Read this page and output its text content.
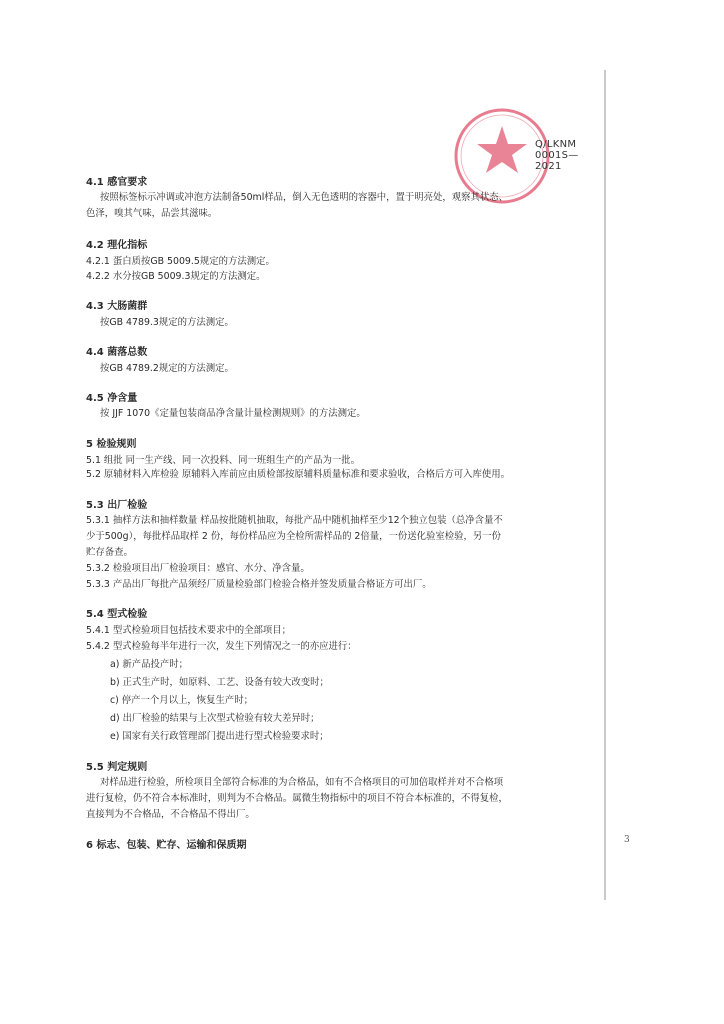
Q/LKNM 0001S—2021
4.1 感官要求
按照标签标示冲调或冲泡方法制备50ml样品，倒入无色透明的容器中，置于明亮处，观察其状态、
色泽，嗅其气味，品尝其滋味。
4.2 理化指标
4.2.1 蛋白质按GB 5009.5规定的方法测定。
4.2.2 水分按GB 5009.3规定的方法测定。
4.3 大肠菌群
按GB 4789.3规定的方法测定。
4.4 菌落总数
按GB 4789.2规定的方法测定。
4.5 净含量
按 JJF 1070《定量包装商品净含量计量检测规则》的方法测定。
5 检验规则
5.1 组批 同一生产线、同一次投料、同一班组生产的产品为一批。
5.2 原辅材料入库检验 原辅料入库前应由质检部按原辅料质量标准和要求验收，合格后方可入库使用。
5.3 出厂检验
5.3.1 抽样方法和抽样数量 样品按批随机抽取，每批产品中随机抽样至少12个独立包装（总净含量不
少于500g），每批样品取样 2 份，每份样品应为全检所需样品的 2倍量，一份送化验室检验，另一份
贮存备查。
5.3.2 检验项目出厂检验项目：感官、水分、净含量。
5.3.3 产品出厂每批产品须经厂质量检验部门检验合格并签发质量合格证方可出厂。
5.4 型式检验
5.4.1 型式检验项目包括技术要求中的全部项目；
5.4.2 型式检验每半年进行一次，发生下列情况之一的亦应进行：
a) 新产品投产时；
b) 正式生产时，如原料、工艺、设备有较大改变时；
c) 停产一个月以上，恢复生产时；
d) 出厂检验的结果与上次型式检验有较大差异时；
e) 国家有关行政管理部门提出进行型式检验要求时；
5.5 判定规则
对样品进行检验，所检项目全部符合标准的为合格品，如有不合格项目的可加倍取样并对不合格项
进行复检，仍不符合本标准时，则判为不合格品。属微生物指标中的项目不符合本标准的，不得复检，
直接判为不合格品，不合格品不得出厂。
6 标志、包装、贮存、运输和保质期	3
